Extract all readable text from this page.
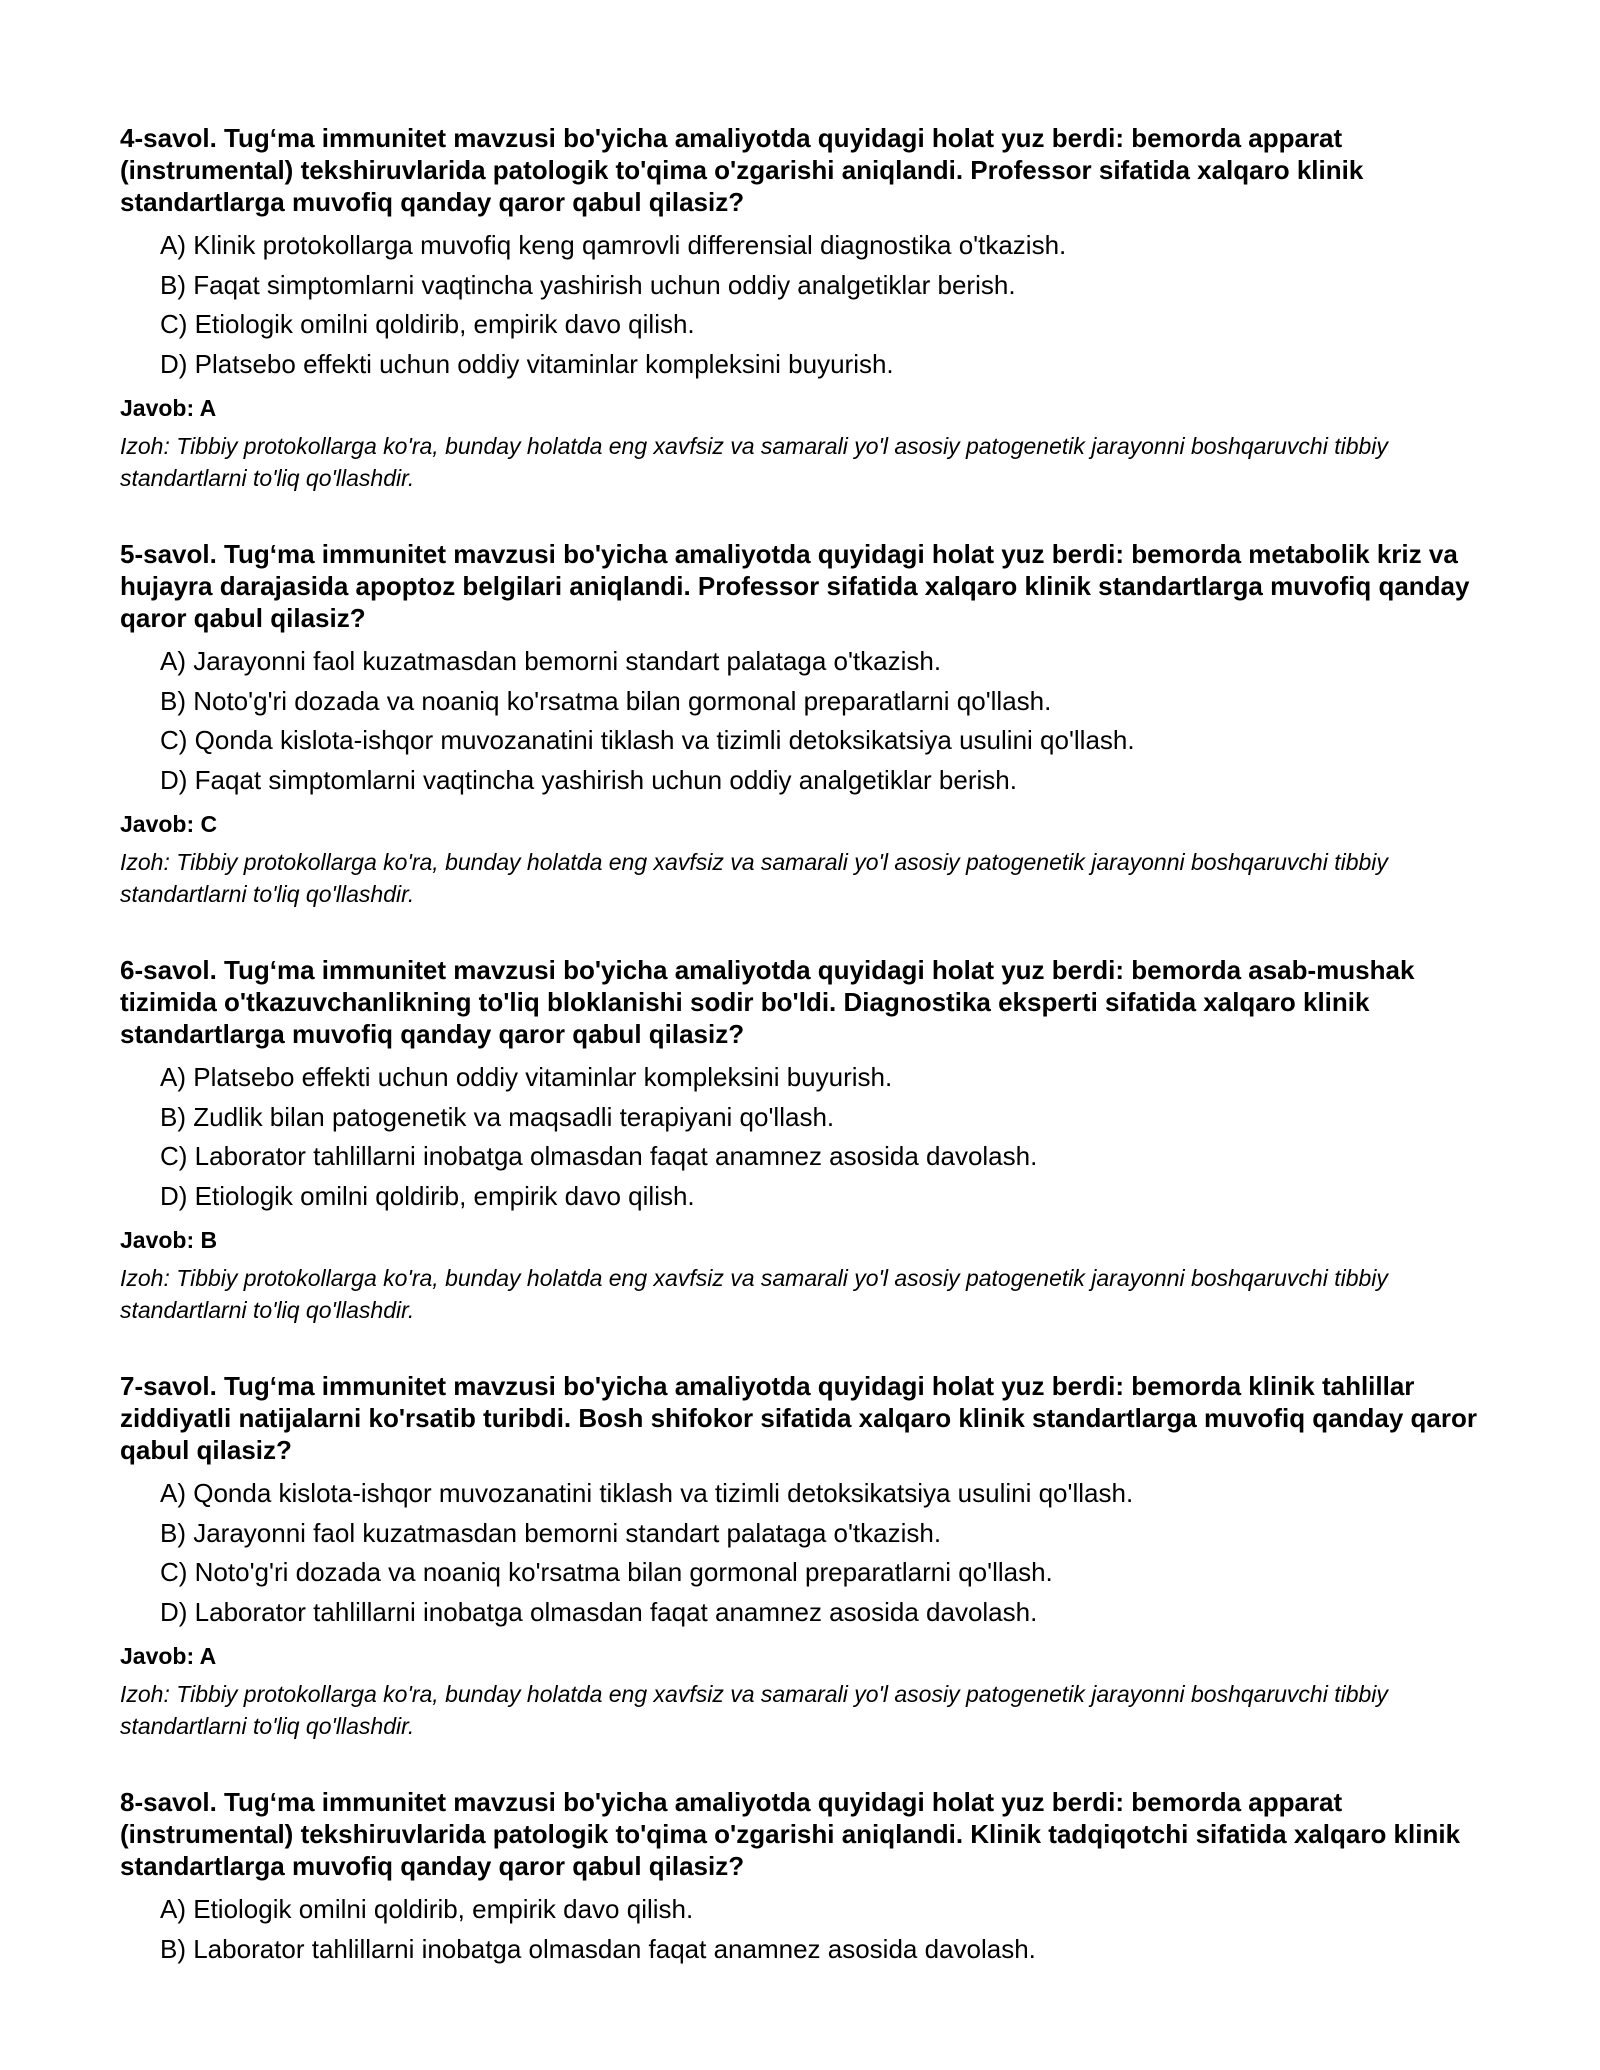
4-savol. Tug‘ma immunitet mavzusi bo'yicha amaliyotda quyidagi holat yuz berdi: bemorda apparat (instrumental) tekshiruvlarida patologik to'qima o'zgarishi aniqlandi. Professor sifatida xalqaro klinik standartlarga muvofiq qanday qaror qabul qilasiz?
A) Klinik protokollarga muvofiq keng qamrovli differensial diagnostika o'tkazish.
B) Faqat simptomlarni vaqtincha yashirish uchun oddiy analgetiklar berish.
C) Etiologik omilni qoldirib, empirik davo qilish.
D) Platsebo effekti uchun oddiy vitaminlar kompleksini buyurish.
Javob: A
Izoh: Tibbiy protokollarga ko'ra, bunday holatda eng xavfsiz va samarali yo'l asosiy patogenetik jarayonni boshqaruvchi tibbiy standartlarni to'liq qo'llashdir.
5-savol. Tug‘ma immunitet mavzusi bo'yicha amaliyotda quyidagi holat yuz berdi: bemorda metabolik kriz va hujayra darajasida apoptoz belgilari aniqlandi. Professor sifatida xalqaro klinik standartlarga muvofiq qanday qaror qabul qilasiz?
A) Jarayonni faol kuzatmasdan bemorni standart palataga o'tkazish.
B) Noto'g'ri dozada va noaniq ko'rsatma bilan gormonal preparatlarni qo'llash.
C) Qonda kislota-ishqor muvozanatini tiklash va tizimli detoksikatsiya usulini qo'llash.
D) Faqat simptomlarni vaqtincha yashirish uchun oddiy analgetiklar berish.
Javob: C
Izoh: Tibbiy protokollarga ko'ra, bunday holatda eng xavfsiz va samarali yo'l asosiy patogenetik jarayonni boshqaruvchi tibbiy standartlarni to'liq qo'llashdir.
6-savol. Tug‘ma immunitet mavzusi bo'yicha amaliyotda quyidagi holat yuz berdi: bemorda asab-mushak tizimida o'tkazuvchanlikning to'liq bloklanishi sodir bo'ldi. Diagnostika eksperti sifatida xalqaro klinik standartlarga muvofiq qanday qaror qabul qilasiz?
A) Platsebo effekti uchun oddiy vitaminlar kompleksini buyurish.
B) Zudlik bilan patogenetik va maqsadli terapiyani qo'llash.
C) Laborator tahlillarni inobatga olmasdan faqat anamnez asosida davolash.
D) Etiologik omilni qoldirib, empirik davo qilish.
Javob: B
Izoh: Tibbiy protokollarga ko'ra, bunday holatda eng xavfsiz va samarali yo'l asosiy patogenetik jarayonni boshqaruvchi tibbiy standartlarni to'liq qo'llashdir.
7-savol. Tug‘ma immunitet mavzusi bo'yicha amaliyotda quyidagi holat yuz berdi: bemorda klinik tahlillar ziddiyatli natijalarni ko'rsatib turibdi. Bosh shifokor sifatida xalqaro klinik standartlarga muvofiq qanday qaror qabul qilasiz?
A) Qonda kislota-ishqor muvozanatini tiklash va tizimli detoksikatsiya usulini qo'llash.
B) Jarayonni faol kuzatmasdan bemorni standart palataga o'tkazish.
C) Noto'g'ri dozada va noaniq ko'rsatma bilan gormonal preparatlarni qo'llash.
D) Laborator tahlillarni inobatga olmasdan faqat anamnez asosida davolash.
Javob: A
Izoh: Tibbiy protokollarga ko'ra, bunday holatda eng xavfsiz va samarali yo'l asosiy patogenetik jarayonni boshqaruvchi tibbiy standartlarni to'liq qo'llashdir.
8-savol. Tug‘ma immunitet mavzusi bo'yicha amaliyotda quyidagi holat yuz berdi: bemorda apparat (instrumental) tekshiruvlarida patologik to'qima o'zgarishi aniqlandi. Klinik tadqiqotchi sifatida xalqaro klinik standartlarga muvofiq qanday qaror qabul qilasiz?
A) Etiologik omilni qoldirib, empirik davo qilish.
B) Laborator tahlillarni inobatga olmasdan faqat anamnez asosida davolash.
